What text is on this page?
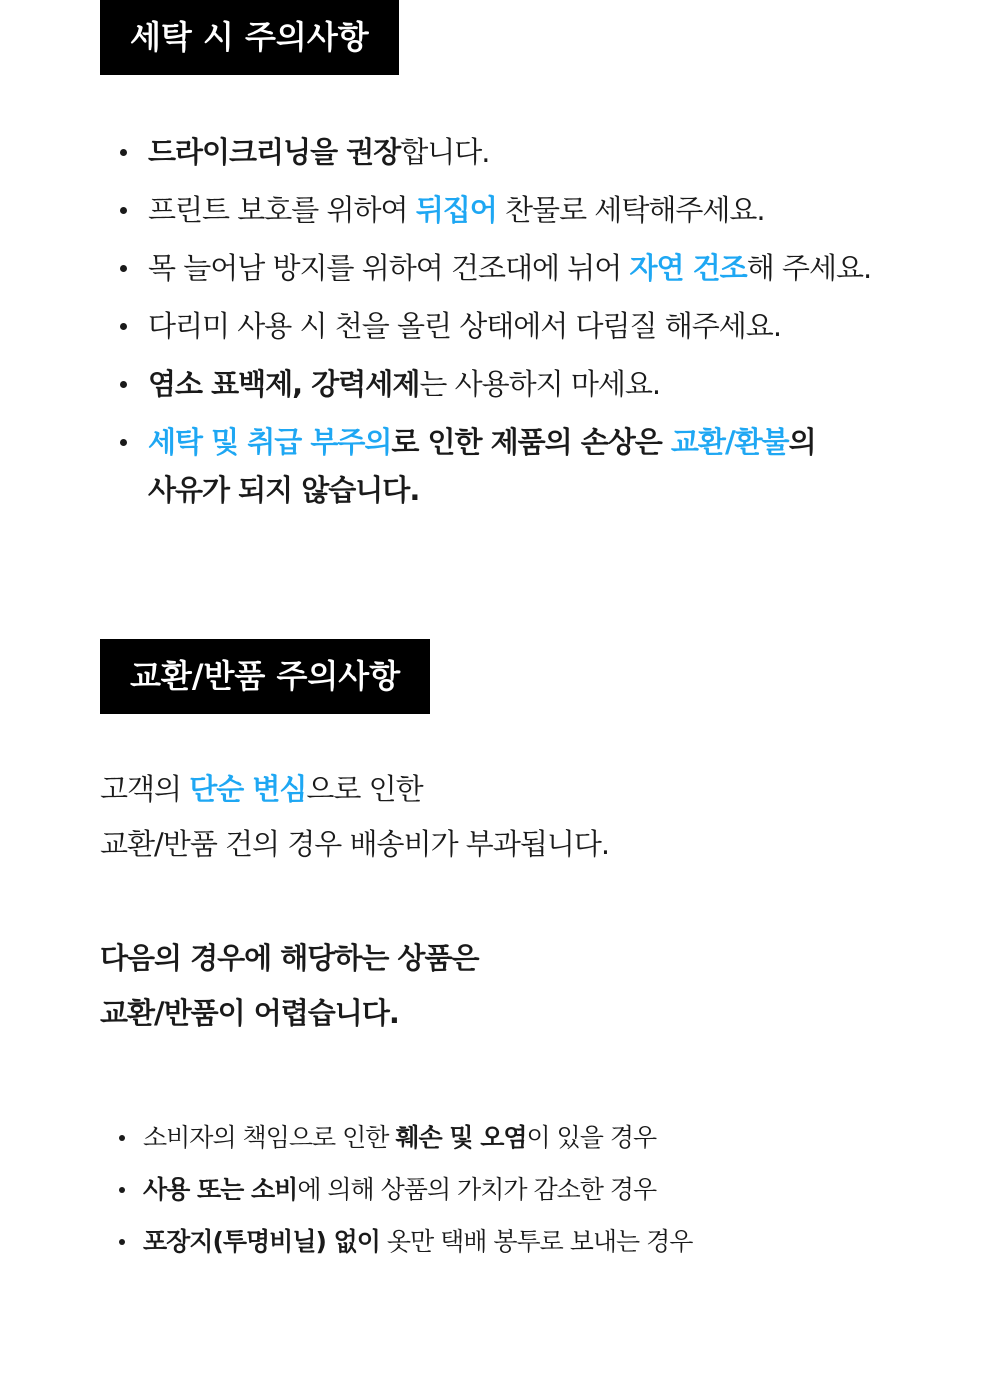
세탁 시 주의사항
드라이크리닝을 권장합니다.
프린트 보호를 위하여 뒤집어 찬물로 세탁해주세요.
목 늘어남 방지를 위하여 건조대에 뉘어 자연 건조해 주세요.
다리미 사용 시 천을 올린 상태에서 다림질 해주세요.
염소 표백제, 강력세제는 사용하지 마세요.
세탁 및 취급 부주의로 인한 제품의 손상은 교환/환불의
사유가 되지 않습니다.
교환/반품 주의사항
고객의 단순 변심으로 인한
교환/반품 건의 경우 배송비가 부과됩니다.
다음의 경우에 해당하는 상품은
교환/반품이 어렵습니다.
소비자의 책임으로 인한 훼손 및 오염이 있을 경우
사용 또는 소비에 의해 상품의 가치가 감소한 경우
포장지(투명비닐) 없이 옷만 택배 봉투로 보내는 경우
